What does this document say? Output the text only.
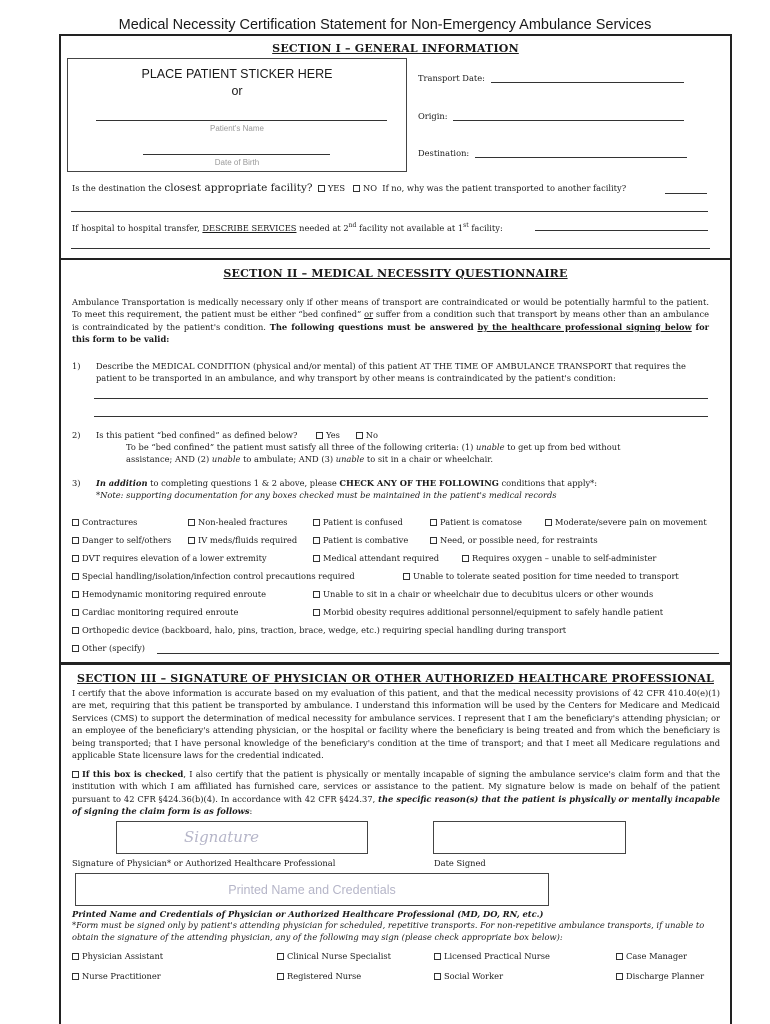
Medical Necessity Certification Statement for Non-Emergency Ambulance Services
SECTION I – GENERAL INFORMATION
PLACE PATIENT STICKER HERE
or
Patient's Name
Date of Birth
Transport Date:
Origin:
Destination:
Is the destination the closest appropriate facility? YES NO If no, why was the patient transported to another facility?
If hospital to hospital transfer, DESCRIBE SERVICES needed at 2nd facility not available at 1st facility:
SECTION II – MEDICAL NECESSITY QUESTIONNAIRE
Ambulance Transportation is medically necessary only if other means of transport are contraindicated or would be potentially harmful to the patient. To meet this requirement, the patient must be either “bed confined” or suffer from a condition such that transport by means other than an ambulance is contraindicated by the patient's condition. The following questions must be answered by the healthcare professional signing below for this form to be valid:
1) Describe the MEDICAL CONDITION (physical and/or mental) of this patient AT THE TIME OF AMBULANCE TRANSPORT that requires the patient to be transported in an ambulance, and why transport by other means is contraindicated by the patient's condition:
2) Is this patient “bed confined” as defined below?	Yes	No
To be “bed confined” the patient must satisfy all three of the following criteria: (1) unable to get up from bed without
assistance; AND (2) unable to ambulate; AND (3) unable to sit in a chair or wheelchair.
3) In addition to completing questions 1 & 2 above, please CHECK ANY OF THE FOLLOWING conditions that apply*:
*Note: supporting documentation for any boxes checked must be maintained in the patient's medical records
Contractures	Non-healed fractures	Patient is confused	Patient is comatose	Moderate/severe pain on movement
Danger to self/others	IV meds/fluids required	Patient is combative	Need, or possible need, for restraints
DVT requires elevation of a lower extremity	Medical attendant required	Requires oxygen – unable to self-administer
Special handling/isolation/infection control precautions required	Unable to tolerate seated position for time needed to transport
Hemodynamic monitoring required enroute	Unable to sit in a chair or wheelchair due to decubitus ulcers or other wounds
Cardiac monitoring required enroute	Morbid obesity requires additional personnel/equipment to safely handle patient
Orthopedic device (backboard, halo, pins, traction, brace, wedge, etc.) requiring special handling during transport
Other (specify)
SECTION III – SIGNATURE OF PHYSICIAN OR OTHER AUTHORIZED HEALTHCARE PROFESSIONAL
I certify that the above information is accurate based on my evaluation of this patient, and that the medical necessity provisions of 42 CFR 410.40(e)(1) are met, requiring that this patient be transported by ambulance. I understand this information will be used by the Centers for Medicare and Medicaid Services (CMS) to support the determination of medical necessity for ambulance services. I represent that I am the beneficiary's attending physician; or an employee of the beneficiary's attending physician, or the hospital or facility where the beneficiary is being treated and from which the beneficiary is being transported; that I have personal knowledge of the beneficiary's condition at the time of transport; and that I meet all Medicare regulations and applicable State licensure laws for the credential indicated.
If this box is checked, I also certify that the patient is physically or mentally incapable of signing the ambulance service's claim form and that the institution with which I am affiliated has furnished care, services or assistance to the patient. My signature below is made on behalf of the patient pursuant to 42 CFR §424.36(b)(4). In accordance with 42 CFR §424.37, the specific reason(s) that the patient is physically or mentally incapable of signing the claim form is as follows:
Signature
Signature of Physician* or Authorized Healthcare Professional	Date Signed
Printed Name and Credentials
Printed Name and Credentials of Physician or Authorized Healthcare Professional (MD, DO, RN, etc.)
*Form must be signed only by patient's attending physician for scheduled, repetitive transports. For non-repetitive ambulance transports, if unable to obtain the signature of the attending physician, any of the following may sign (please check appropriate box below):
Physician Assistant	Clinical Nurse Specialist	Licensed Practical Nurse	Case Manager
Nurse Practitioner	Registered Nurse	Social Worker	Discharge Planner
